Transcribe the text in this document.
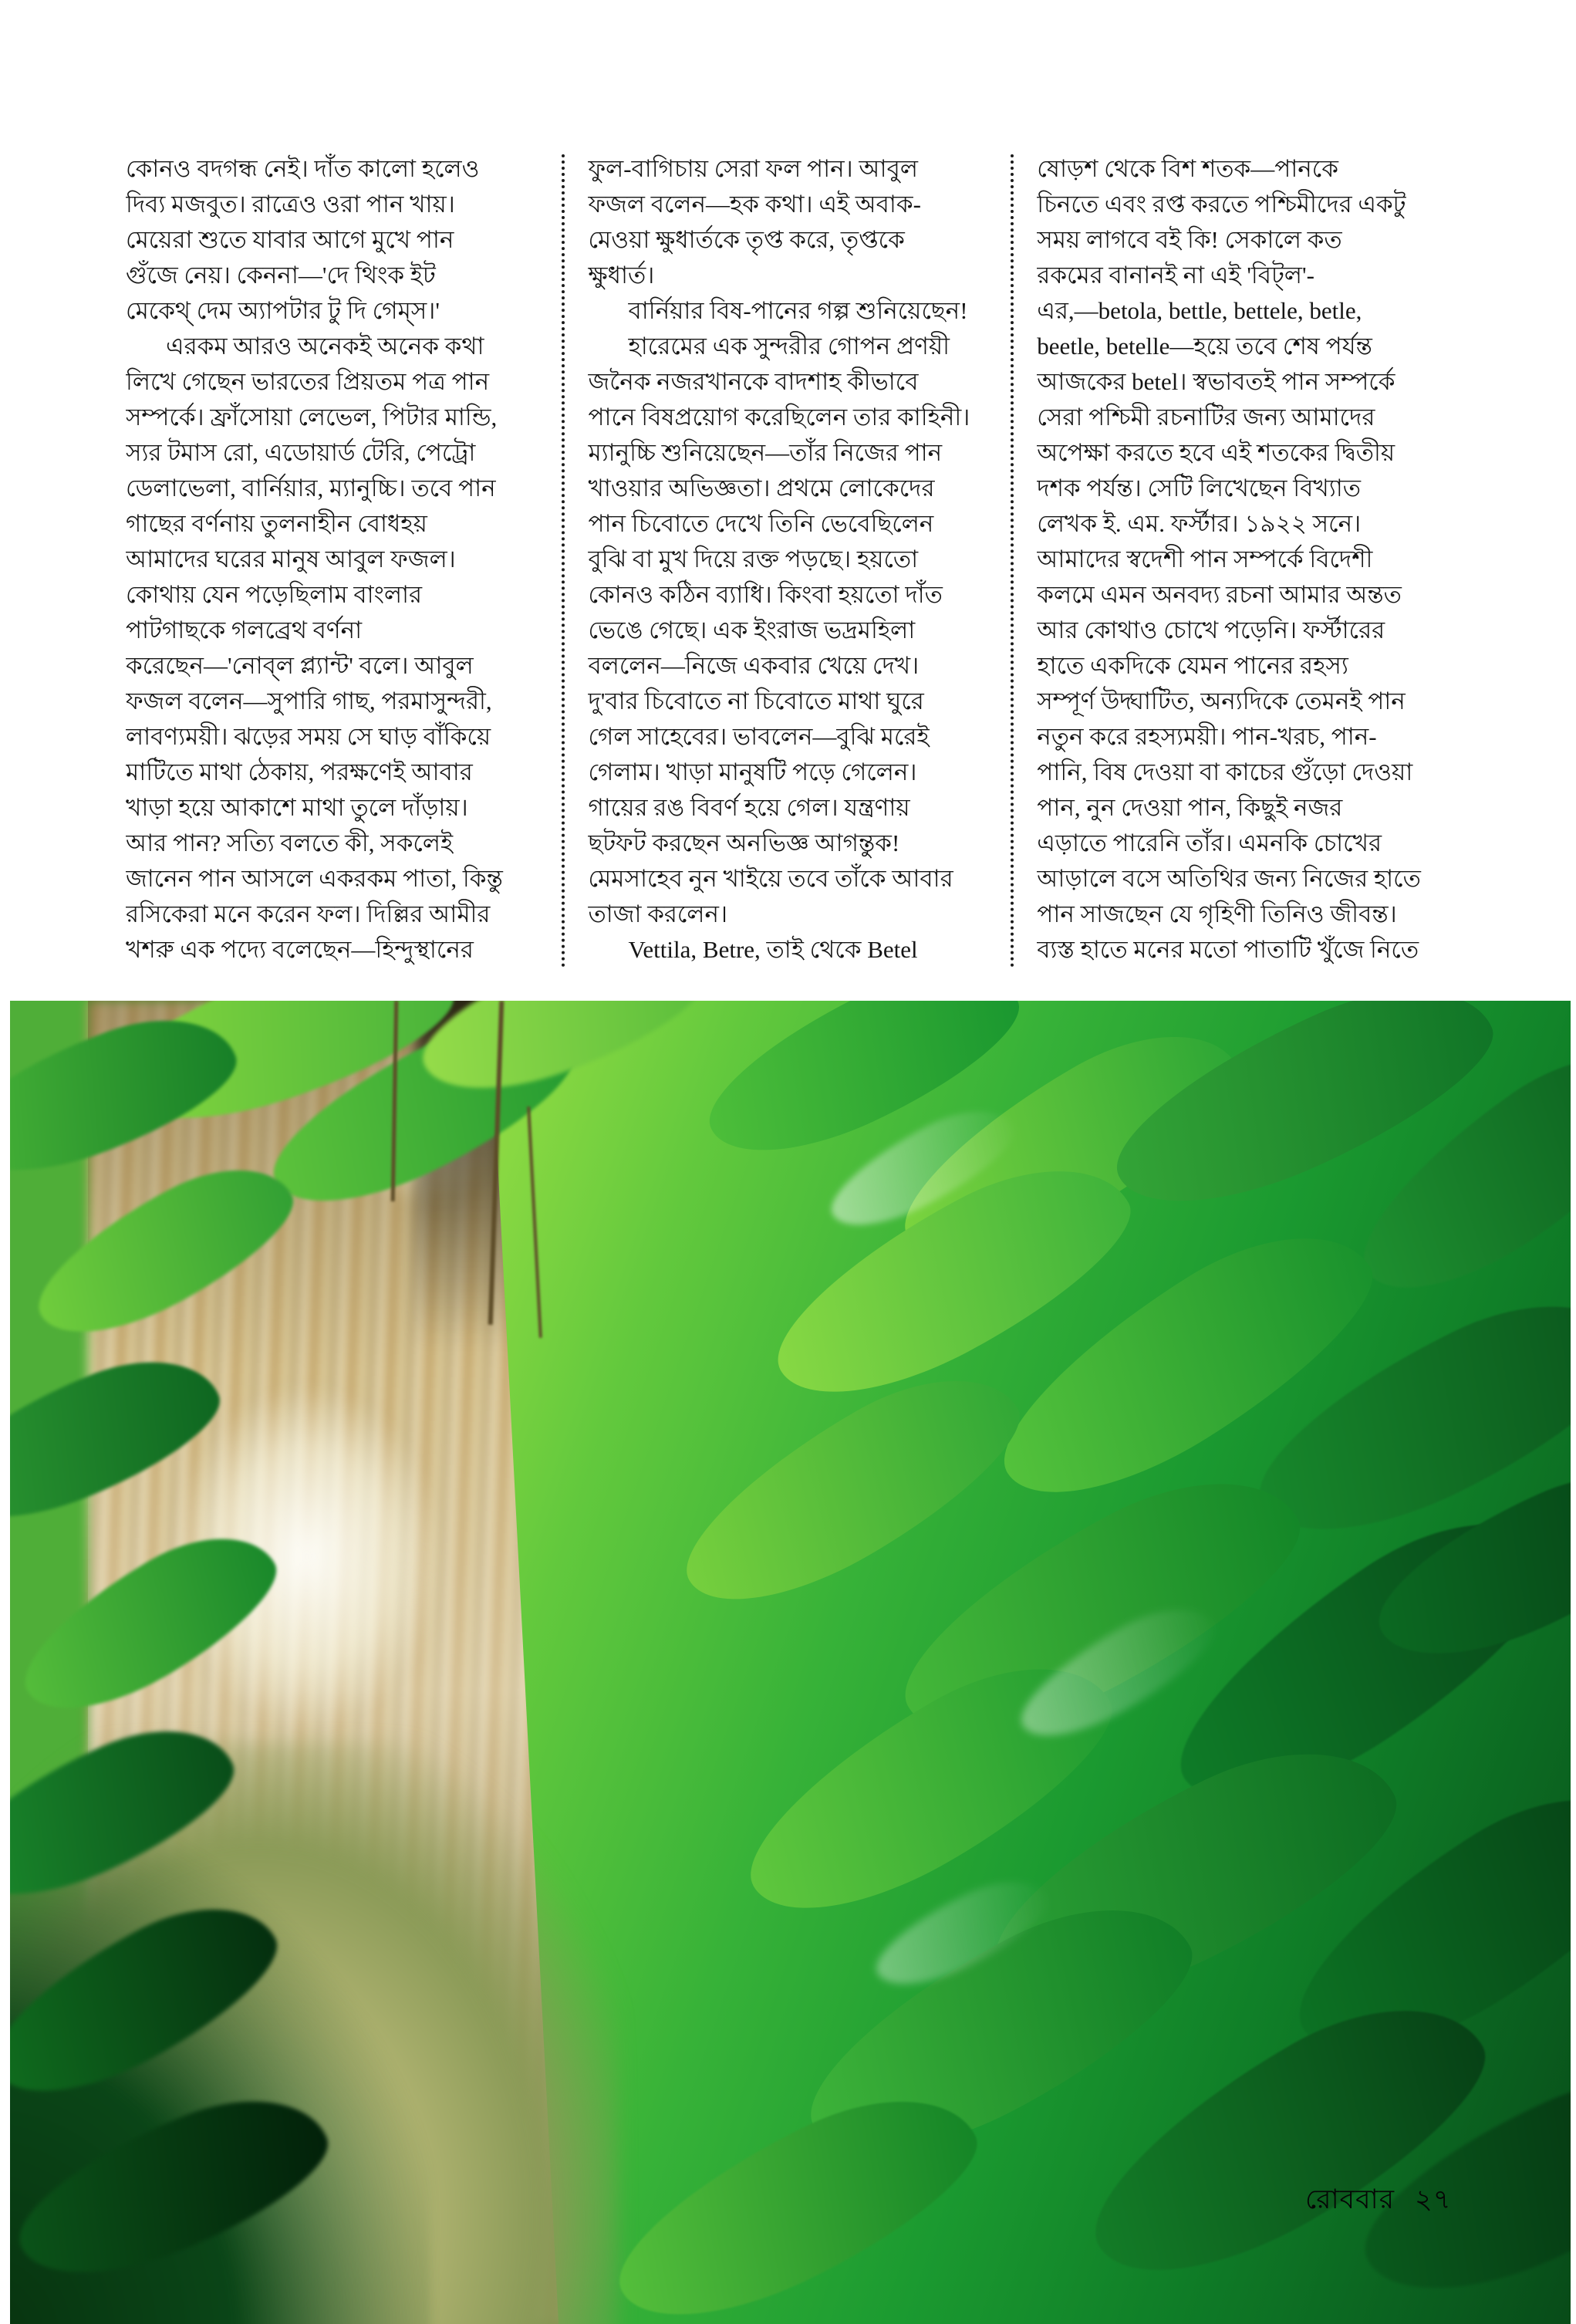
কোনও বদগন্ধ নেই। দাঁত কালো হলেও
দিব্য মজবুত। রাত্রেও ওরা পান খায়।
মেয়েরা শুতে যাবার আগে মুখে পান
গুঁজে নেয়। কেননা—'দে থিংক ইট
মেকেথ্ দেম অ্যাপটার টু দি গেম্‌স।'
এরকম আরও অনেকই অনেক কথা
লিখে গেছেন ভারতের প্রিয়তম পত্র পান
সম্পর্কে। ফ্রাঁসোয়া লেভেল, পিটার মান্ডি,
স্যর টমাস রো, এডোয়ার্ড টেরি, পেট্রো
ডেলাভেলা, বার্নিয়ার, ম্যানুচ্চি। তবে পান
গাছের বর্ণনায় তুলনাহীন বোধহয়
আমাদের ঘরের মানুষ আবুল ফজল।
কোথায় যেন পড়েছিলাম বাংলার
পাটগাছকে গলব্রেথ বর্ণনা
করেছেন—'নোব্‌ল প্ল্যান্ট' বলে। আবুল
ফজল বলেন—সুপারি গাছ, পরমাসুন্দরী,
লাবণ্যময়ী। ঝড়ের সময় সে ঘাড় বাঁকিয়ে
মাটিতে মাথা ঠেকায়, পরক্ষণেই আবার
খাড়া হয়ে আকাশে মাথা তুলে দাঁড়ায়।
আর পান? সত্যি বলতে কী, সকলেই
জানেন পান আসলে একরকম পাতা, কিন্তু
রসিকেরা মনে করেন ফল। দিল্লির আমীর
খশরু এক পদ্যে বলেছেন—হিন্দুস্থানের
ফুল-বাগিচায় সেরা ফল পান। আবুল
ফজল বলেন—হক কথা। এই অবাক-
মেওয়া ক্ষুধার্তকে তৃপ্ত করে, তৃপ্তকে
ক্ষুধার্ত।
বার্নিয়ার বিষ-পানের গল্প শুনিয়েছেন!
হারেমের এক সুন্দরীর গোপন প্রণয়ী
জনৈক নজরখানকে বাদশাহ কীভাবে
পানে বিষপ্রয়োগ করেছিলেন তার কাহিনী।
ম্যানুচ্চি শুনিয়েছেন—তাঁর নিজের পান
খাওয়ার অভিজ্ঞতা। প্রথমে লোকেদের
পান চিবোতে দেখে তিনি ভেবেছিলেন
বুঝি বা মুখ দিয়ে রক্ত পড়ছে। হয়তো
কোনও কঠিন ব্যাধি। কিংবা হয়তো দাঁত
ভেঙে গেছে। এক ইংরাজ ভদ্রমহিলা
বললেন—নিজে একবার খেয়ে দেখ।
দু'বার চিবোতে না চিবোতে মাথা ঘুরে
গেল সাহেবের। ভাবলেন—বুঝি মরেই
গেলাম। খাড়া মানুষটি পড়ে গেলেন।
গায়ের রঙ বিবর্ণ হয়ে গেল। যন্ত্রণায়
ছটফট করছেন অনভিজ্ঞ আগন্তুক!
মেমসাহেব নুন খাইয়ে তবে তাঁকে আবার
তাজা করলেন।
Vettila, Betre, তাই থেকে Betel
ষোড়শ থেকে বিশ শতক—পানকে
চিনতে এবং রপ্ত করতে পশ্চিমীদের একটু
সময় লাগবে বই কি! সেকালে কত
রকমের বানানই না এই 'বিট্‌ল'-
এর,—betola, bettle, bettele, betle,
beetle, betelle—হয়ে তবে শেষ পর্যন্ত
আজকের betel। স্বভাবতই পান সম্পর্কে
সেরা পশ্চিমী রচনাটির জন্য আমাদের
অপেক্ষা করতে হবে এই শতকের দ্বিতীয়
দশক পর্যন্ত। সেটি লিখেছেন বিখ্যাত
লেখক ই. এম. ফর্স্টার। ১৯২২ সনে।
আমাদের স্বদেশী পান সম্পর্কে বিদেশী
কলমে এমন অনবদ্য রচনা আমার অন্তত
আর কোথাও চোখে পড়েনি। ফর্স্টারের
হাতে একদিকে যেমন পানের রহস্য
সম্পূর্ণ উদ্ঘাটিত, অন্যদিকে তেমনই পান
নতুন করে রহস্যময়ী। পান-খরচ, পান-
পানি, বিষ দেওয়া বা কাচের গুঁড়ো দেওয়া
পান, নুন দেওয়া পান, কিছুই নজর
এড়াতে পারেনি তাঁর। এমনকি চোখের
আড়ালে বসে অতিথির জন্য নিজের হাতে
পান সাজছেন যে গৃহিণী তিনিও জীবন্ত।
ব্যস্ত হাতে মনের মতো পাতাটি খুঁজে নিতে
রোববার ২৭
